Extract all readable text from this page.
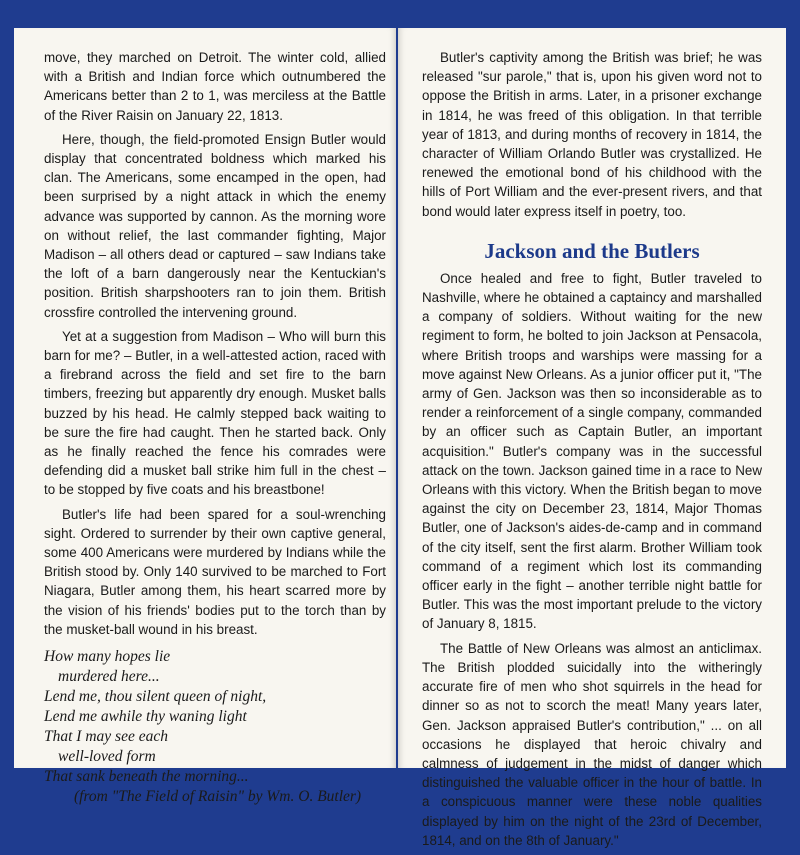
move, they marched on Detroit. The winter cold, allied with a British and Indian force which outnumbered the Americans better than 2 to 1, was merciless at the Battle of the River Raisin on January 22, 1813.

Here, though, the field-promoted Ensign Butler would display that concentrated boldness which marked his clan. The Americans, some encamped in the open, had been surprised by a night attack in which the enemy advance was supported by cannon. As the morning wore on without relief, the last commander fighting, Major Madison – all others dead or captured – saw Indians take the loft of a barn dangerously near the Kentuckian's position. British sharpshooters ran to join them. British crossfire controlled the intervening ground.

Yet at a suggestion from Madison – Who will burn this barn for me? – Butler, in a well-attested action, raced with a firebrand across the field and set fire to the barn timbers, freezing but apparently dry enough. Musket balls buzzed by his head. He calmly stepped back waiting to be sure the fire had caught. Then he started back. Only as he finally reached the fence his comrades were defending did a musket ball strike him full in the chest – to be stopped by five coats and his breastbone!

Butler's life had been spared for a soul-wrenching sight. Ordered to surrender by their own captive general, some 400 Americans were murdered by Indians while the British stood by. Only 140 survived to be marched to Fort Niagara, Butler among them, his heart scarred more by the vision of his friends' bodies put to the torch than by the musket-ball wound in his breast.

How many hopes lie
murdered here...
Lend me, thou silent queen of night,
Lend me awhile thy waning light
That I may see each
well-loved form
That sank beneath the morning...
(from "The Field of Raisin" by Wm. O. Butler)

Butler's captivity among the British was brief; he was released "sur parole," that is, upon his given word not to oppose the British in arms. Later, in a prisoner exchange in 1814, he was freed of this obligation. In that terrible year of 1813, and during months of recovery in 1814, the character of William Orlando Butler was crystallized. He renewed the emotional bond of his childhood with the hills of Port William and the ever-present rivers, and that bond would later express itself in poetry, too.

Jackson and the Butlers

Once healed and free to fight, Butler traveled to Nashville, where he obtained a captaincy and marshalled a company of soldiers. Without waiting for the new regiment to form, he bolted to join Jackson at Pensacola, where British troops and warships were massing for a move against New Orleans. As a junior officer put it, "The army of Gen. Jackson was then so inconsiderable as to render a reinforcement of a single company, commanded by an officer such as Captain Butler, an important acquisition." Butler's company was in the successful attack on the town. Jackson gained time in a race to New Orleans with this victory. When the British began to move against the city on December 23, 1814, Major Thomas Butler, one of Jackson's aides-de-camp and in command of the city itself, sent the first alarm. Brother William took command of a regiment which lost its commanding officer early in the fight – another terrible night battle for Butler. This was the most important prelude to the victory of January 8, 1815.

The Battle of New Orleans was almost an anticlimax. The British plodded suicidally into the witheringly accurate fire of men who shot squirrels in the head for dinner so as not to scorch the meat! Many years later, Gen. Jackson appraised Butler's contribution," ... on all occasions he displayed that heroic chivalry and calmness of judgement in the midst of danger which distinguished the valuable officer in the hour of battle. In a conspicuous manner were these noble qualities displayed by him on the night of the 23rd of December, 1814, and on the 8th of January."
